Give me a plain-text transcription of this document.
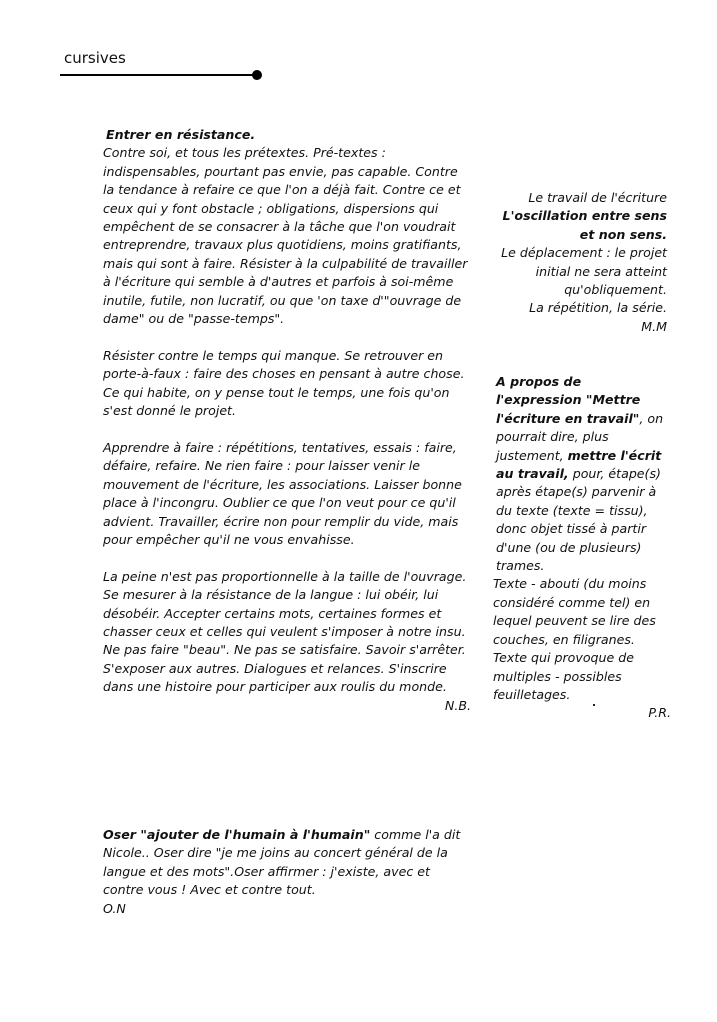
cursives
Entrer en résistance.

Contre soi, et tous les prétextes. Pré-textes : indispensables, pourtant pas envie, pas capable. Contre la tendance à refaire ce que l'on a déjà fait. Contre ce et ceux qui y font obstacle ; obligations, dispersions qui empêchent de se consacrer à la tâche que l'on voudrait entreprendre, travaux plus quotidiens, moins gratifiants, mais qui sont à faire. Résister à la culpabilité de travailler à l'écriture qui semble à d'autres et parfois à soi-même inutile, futile, non lucratif, ou que 'on taxe d'"ouvrage de dame" ou de "passe-temps".

Résister contre le temps qui manque. Se retrouver en porte-à-faux : faire des choses en pensant à autre chose. Ce qui habite, on y pense tout le temps, une fois qu'on s'est donné le projet.

Apprendre à faire : répétitions, tentatives, essais : faire, défaire, refaire. Ne rien faire : pour laisser venir le mouvement de l'écriture, les associations. Laisser bonne place à l'incongru. Oublier ce que l'on veut pour ce qu'il advient. Travailler, écrire non pour remplir du vide, mais pour empêcher qu'il ne vous envahisse.

La peine n'est pas proportionnelle à la taille de l'ouvrage. Se mesurer à la résistance de la langue : lui obéir, lui désobéir. Accepter certains mots, certaines formes et chasser ceux et celles qui veulent s'imposer à notre insu. Ne pas faire "beau". Ne pas se satisfaire. Savoir s'arrêter. S'exposer aux autres. Dialogues et relances. S'inscrire dans une histoire pour participer aux roulis du monde.

N.B.
Le travail de l'écriture
L'oscillation entre sens et non sens.
Le déplacement : le projet initial ne sera atteint qu'obliquement.
La répétition, la série.
M.M
A propos de l'expression "Mettre l'écriture en travail", on pourrait dire, plus justement, mettre l'écrit au travail, pour, étape(s) après étape(s) parvenir à du texte (texte = tissu), donc objet tissé à partir d'une (ou de plusieurs) trames.
Texte - abouti (du moins considéré comme tel) en lequel peuvent se lire des couches, en filigranes.
Texte qui provoque de multiples - possibles feuilletages.
P.R.
Oser "ajouter de l'humain à l'humain" comme l'a dit Nicole.. Oser dire "je me joins au concert général de la langue et des mots".Oser affirmer : j'existe, avec et contre vous ! Avec et contre tout.
O.N
